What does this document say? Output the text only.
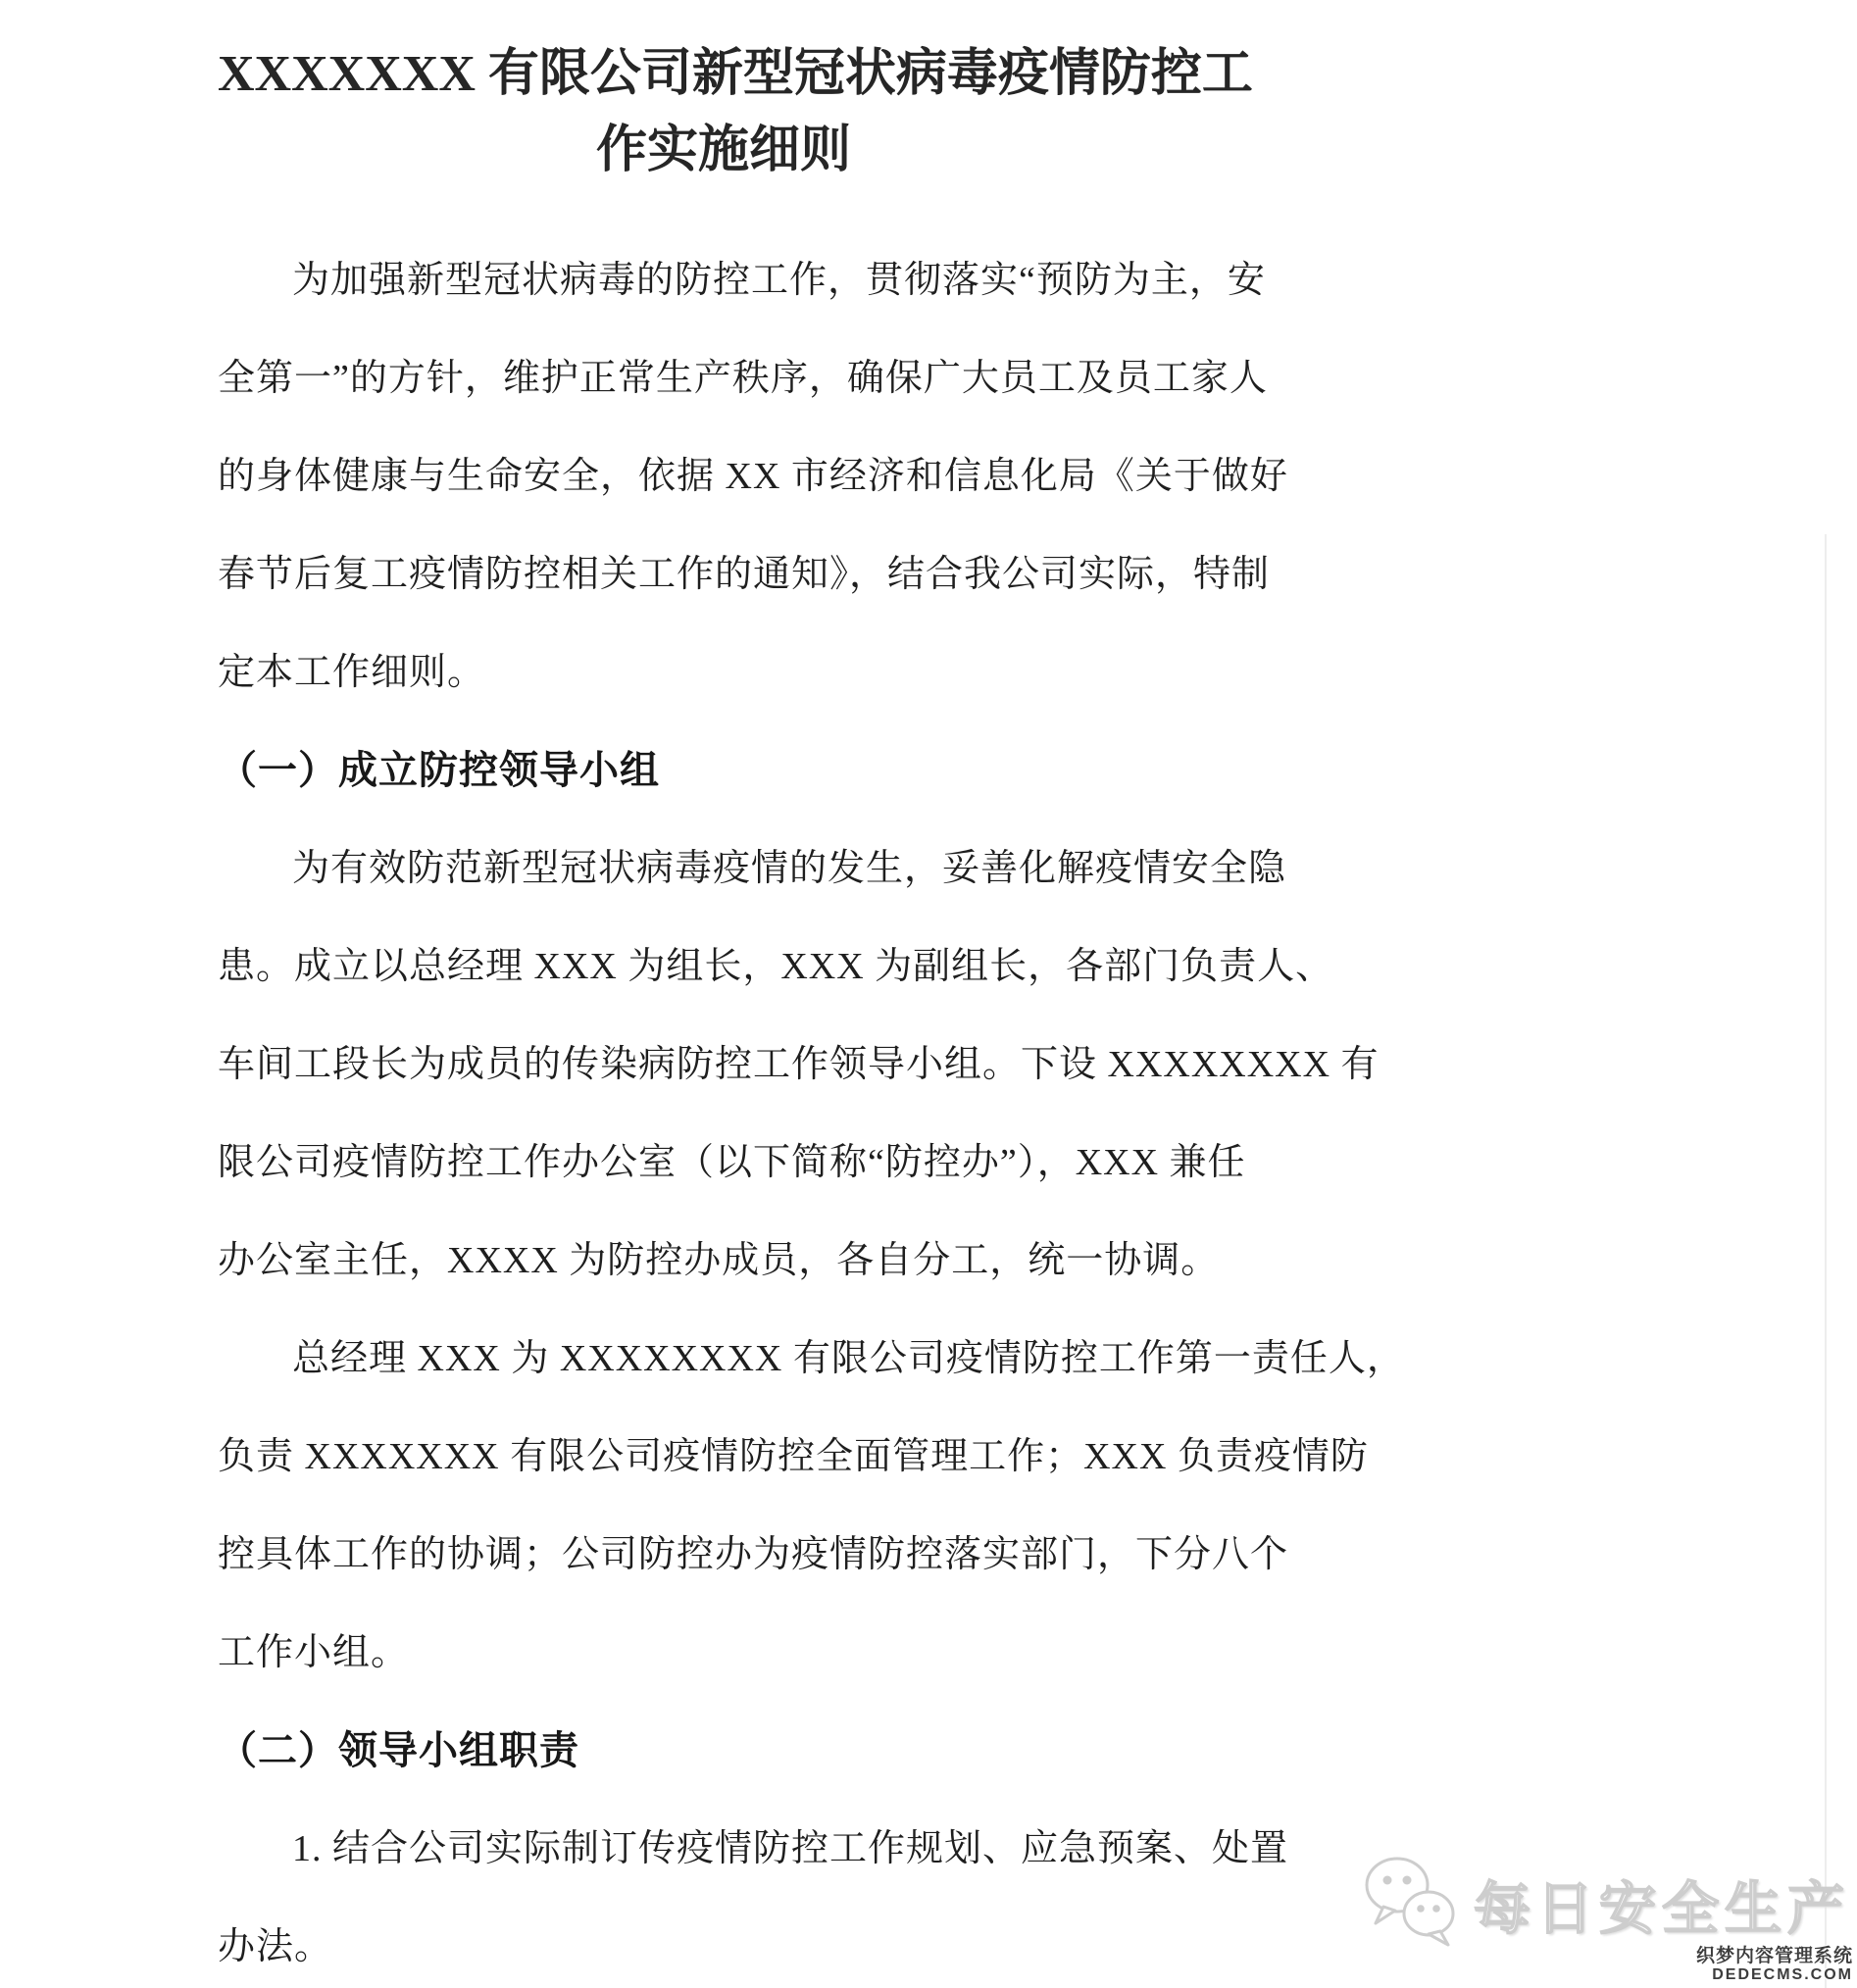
XXXXXXX 有限公司新型冠状病毒疫情防控工
作实施细则
为加强新型冠状病毒的防控工作，贯彻落实“预防为主，安
全第一”的方针，维护正常生产秩序，确保广大员工及员工家人
的身体健康与生命安全，依据 XX 市经济和信息化局《关于做好
春节后复工疫情防控相关工作的通知》，结合我公司实际，特制
定本工作细则。
（一）成立防控领导小组
为有效防范新型冠状病毒疫情的发生，妥善化解疫情安全隐
患。成立以总经理 XXX 为组长，XXX 为副组长，各部门负责人、
车间工段长为成员的传染病防控工作领导小组。下设 XXXXXXXX 有
限公司疫情防控工作办公室（以下简称“防控办”），XXX 兼任
办公室主任，XXXX 为防控办成员，各自分工，统一协调。
总经理 XXX 为 XXXXXXXX 有限公司疫情防控工作第一责任人，
负责 XXXXXXX 有限公司疫情防控全面管理工作；XXX 负责疫情防
控具体工作的协调；公司防控办为疫情防控落实部门，下分八个
工作小组。
（二）领导小组职责
1. 结合公司实际制订传疫情防控工作规划、应急预案、处置
办法。
每日安全生产
织梦内容管理系统
DEDECMS.COM
